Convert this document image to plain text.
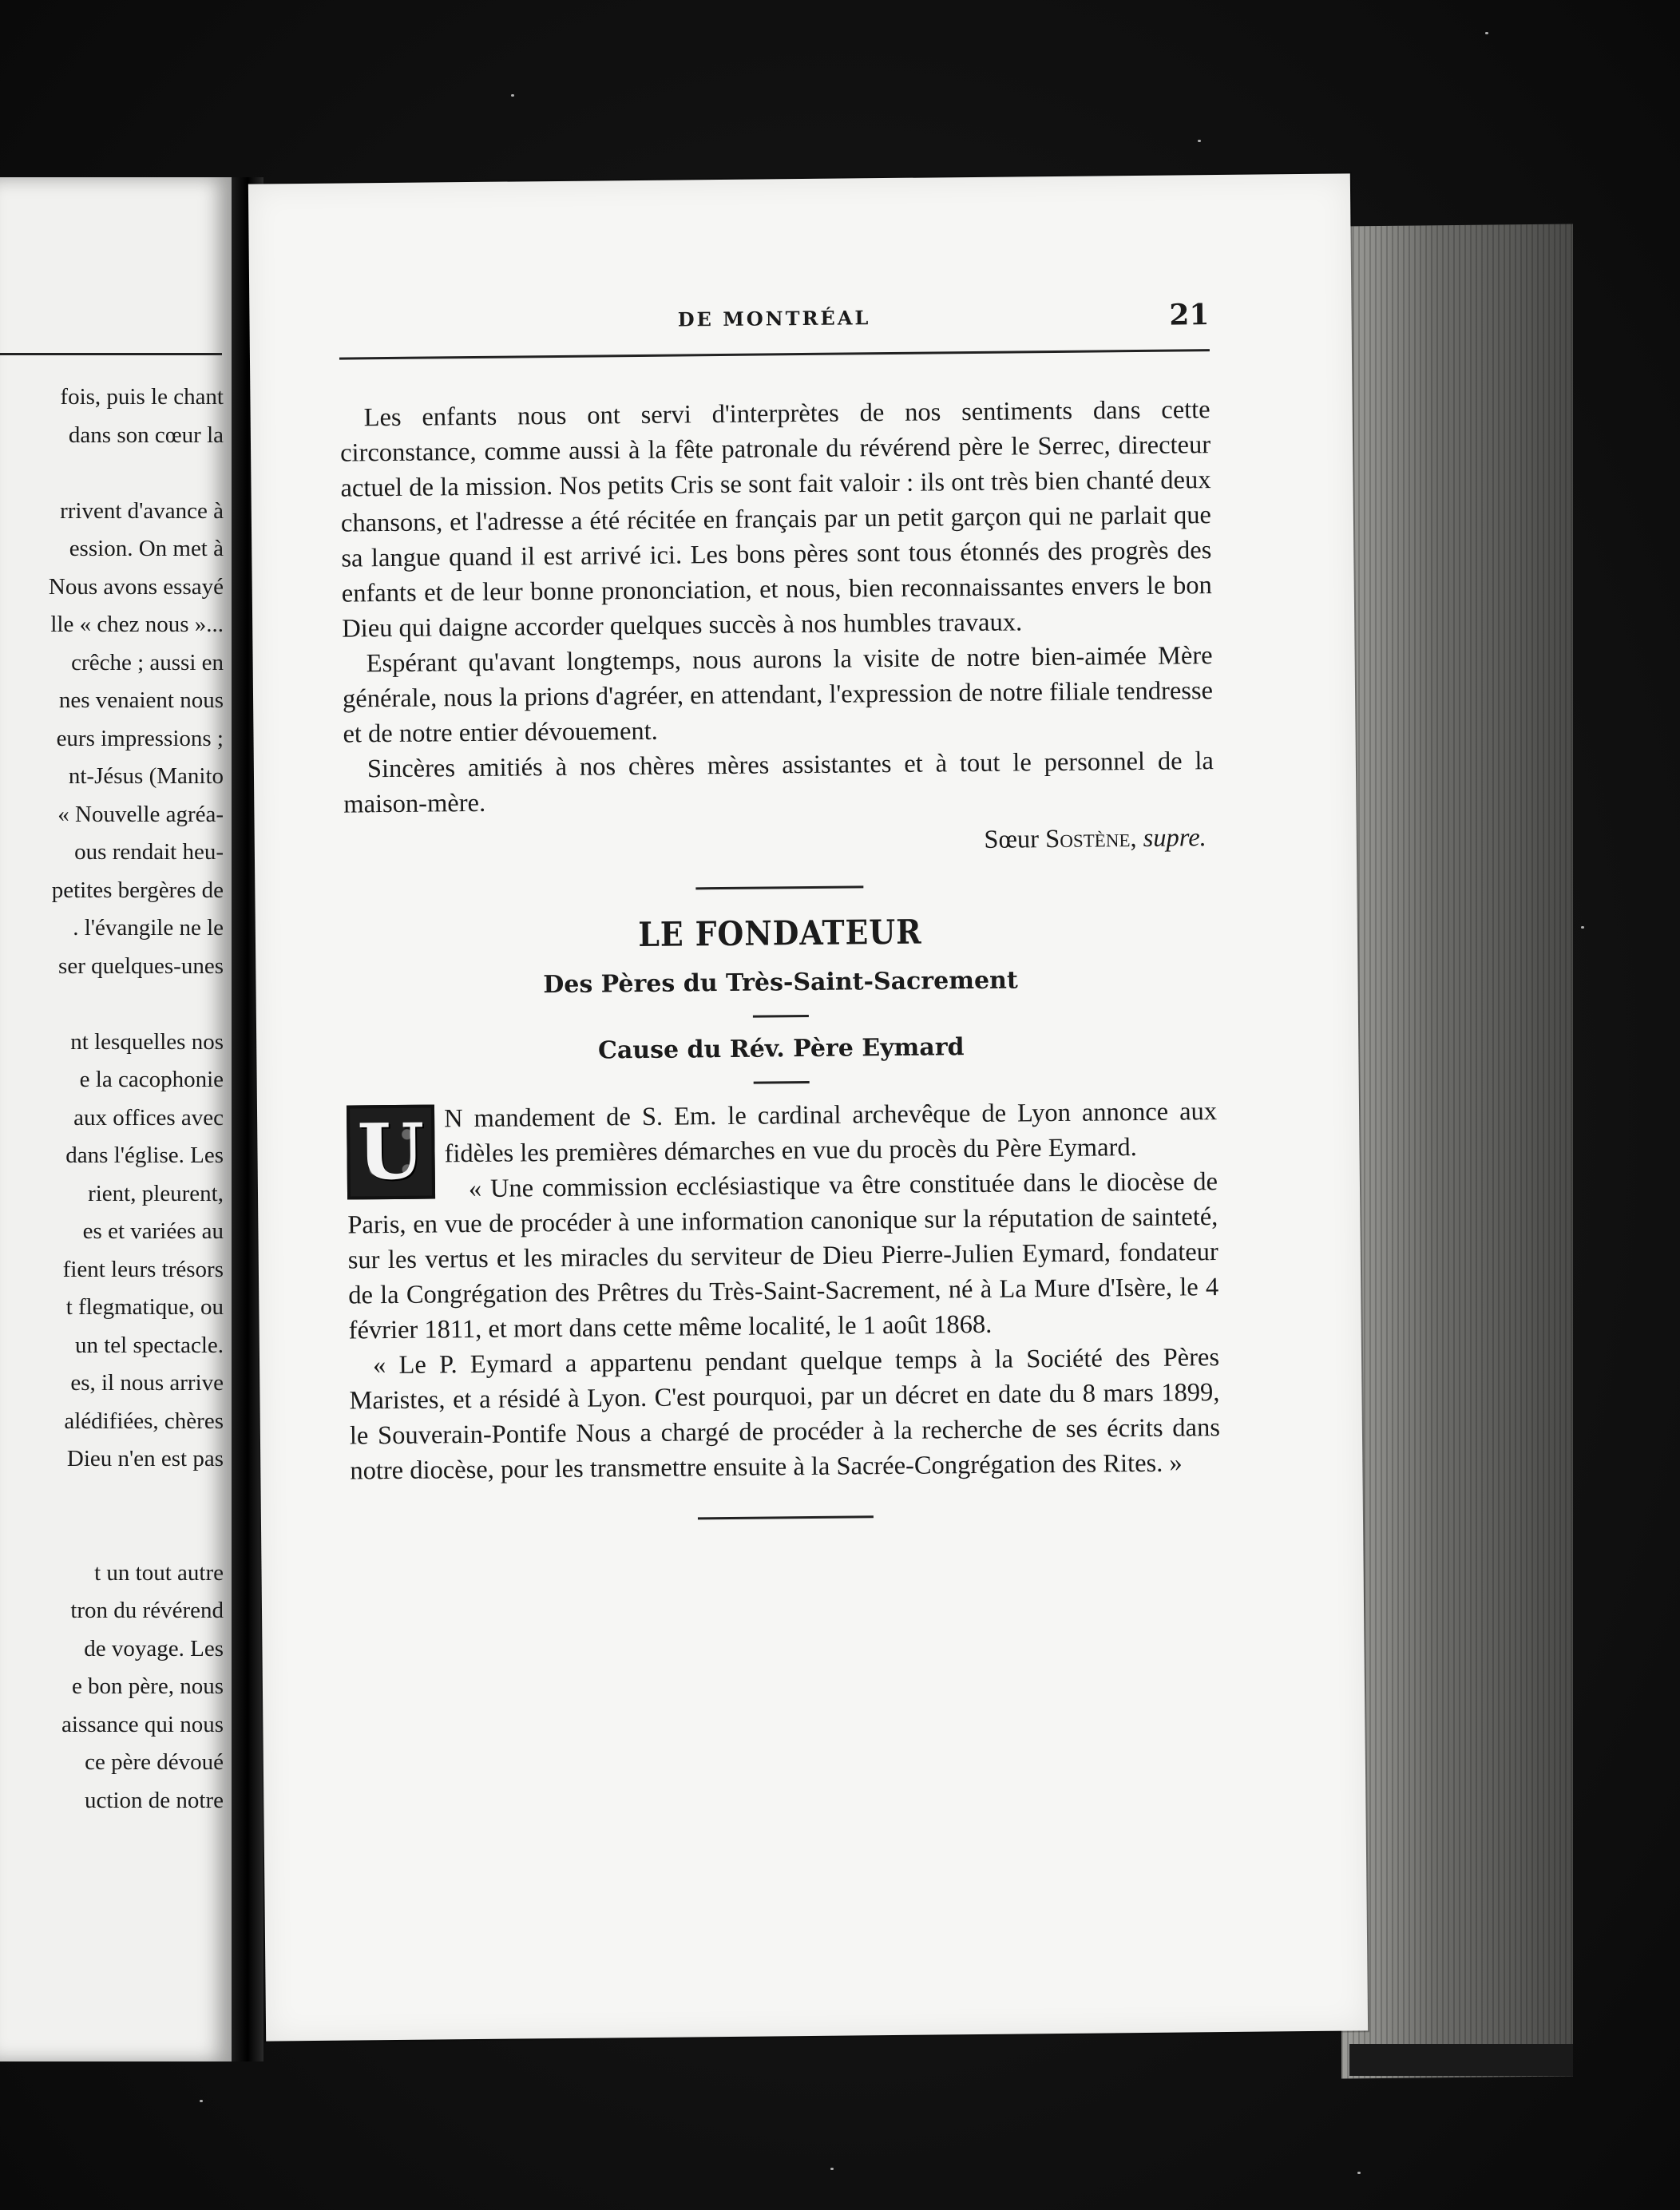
fois, puis le chant
dans son cœur la
rrivent d'avance à
ession. On met à
Nous avons essayé
lle « chez nous »...
crêche ; aussi en
nes venaient nous
eurs impressions ;
nt-Jésus (Manito
« Nouvelle agréa-
ous rendait heu-
petites bergères de
. l'évangile ne le
ser quelques-unes
nt lesquelles nos
e la cacophonie
aux offices avec
dans l'église. Les
rient, pleurent,
es et variées au
fient leurs trésors
t flegmatique, ou
un tel spectacle.
es, il nous arrive
alédifiées, chères
Dieu n'en est pas
t un tout autre
tron du révérend
de voyage. Les
e bon père, nous
aissance qui nous
ce père dévoué
uction de notre
DE MONTRÉAL	21

Les enfants nous ont servi d'interprètes de nos sentiments dans cette circonstance, comme aussi à la fête patronale du révérend père le Serrec, directeur actuel de la mission. Nos petits Cris se sont fait valoir : ils ont très bien chanté deux chansons, et l'adresse a été récitée en français par un petit garçon qui ne parlait que sa langue quand il est arrivé ici. Les bons pères sont tous étonnés des progrès des enfants et de leur bonne prononciation, et nous, bien reconnaissantes envers le bon Dieu qui daigne accorder quelques succès à nos humbles travaux.

Espérant qu'avant longtemps, nous aurons la visite de notre bien-aimée Mère générale, nous la prions d'agréer, en attendant, l'expression de notre filiale tendresse et de notre entier dévouement.

Sincères amitiés à nos chères mères assistantes et à tout le personnel de la maison-mère.

Sœur Sostène, supre.

LE FONDATEUR

Des Pères du Très-Saint-Sacrement

Cause du Rév. Père Eymard

U N mandement de S. Em. le cardinal archevêque de Lyon annonce aux fidèles les premières démarches en vue du procès du Père Eymard.

« Une commission ecclésiastique va être constituée dans le diocèse de Paris, en vue de procéder à une information canonique sur la réputation de sainteté, sur les vertus et les miracles du serviteur de Dieu Pierre-Julien Eymard, fondateur de la Congrégation des Prêtres du Très-Saint-Sacrement, né à La Mure d'Isère, le 4 février 1811, et mort dans cette même localité, le 1 août 1868.

« Le P. Eymard a appartenu pendant quelque temps à la Société des Pères Maristes, et a résidé à Lyon. C'est pourquoi, par un décret en date du 8 mars 1899, le Souverain-Pontife Nous a chargé de procéder à la recherche de ses écrits dans notre diocèse, pour les transmettre ensuite à la Sacrée-Congrégation des Rites. »
